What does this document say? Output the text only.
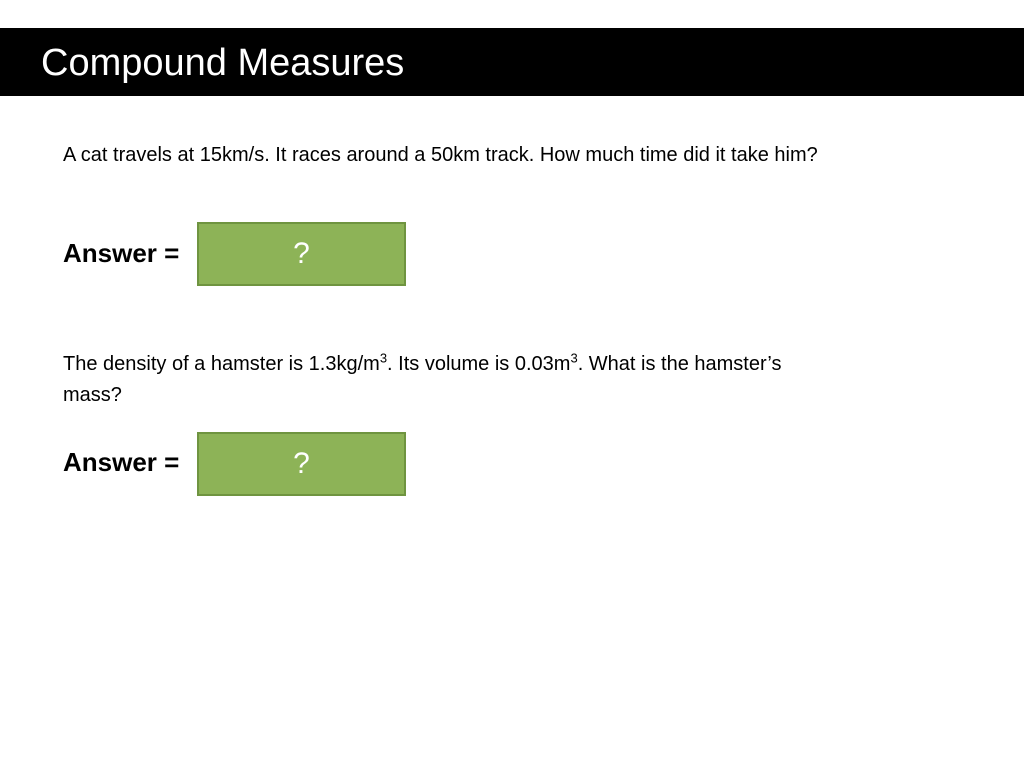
Compound Measures
A cat travels at 15km/s. It races around a 50km track. How much time did it take him?
Answer =	?
The density of a hamster is $1.3kg/m^3$. Its volume is $0.03m^3$. What is the hamster’s mass?
Answer =	?
